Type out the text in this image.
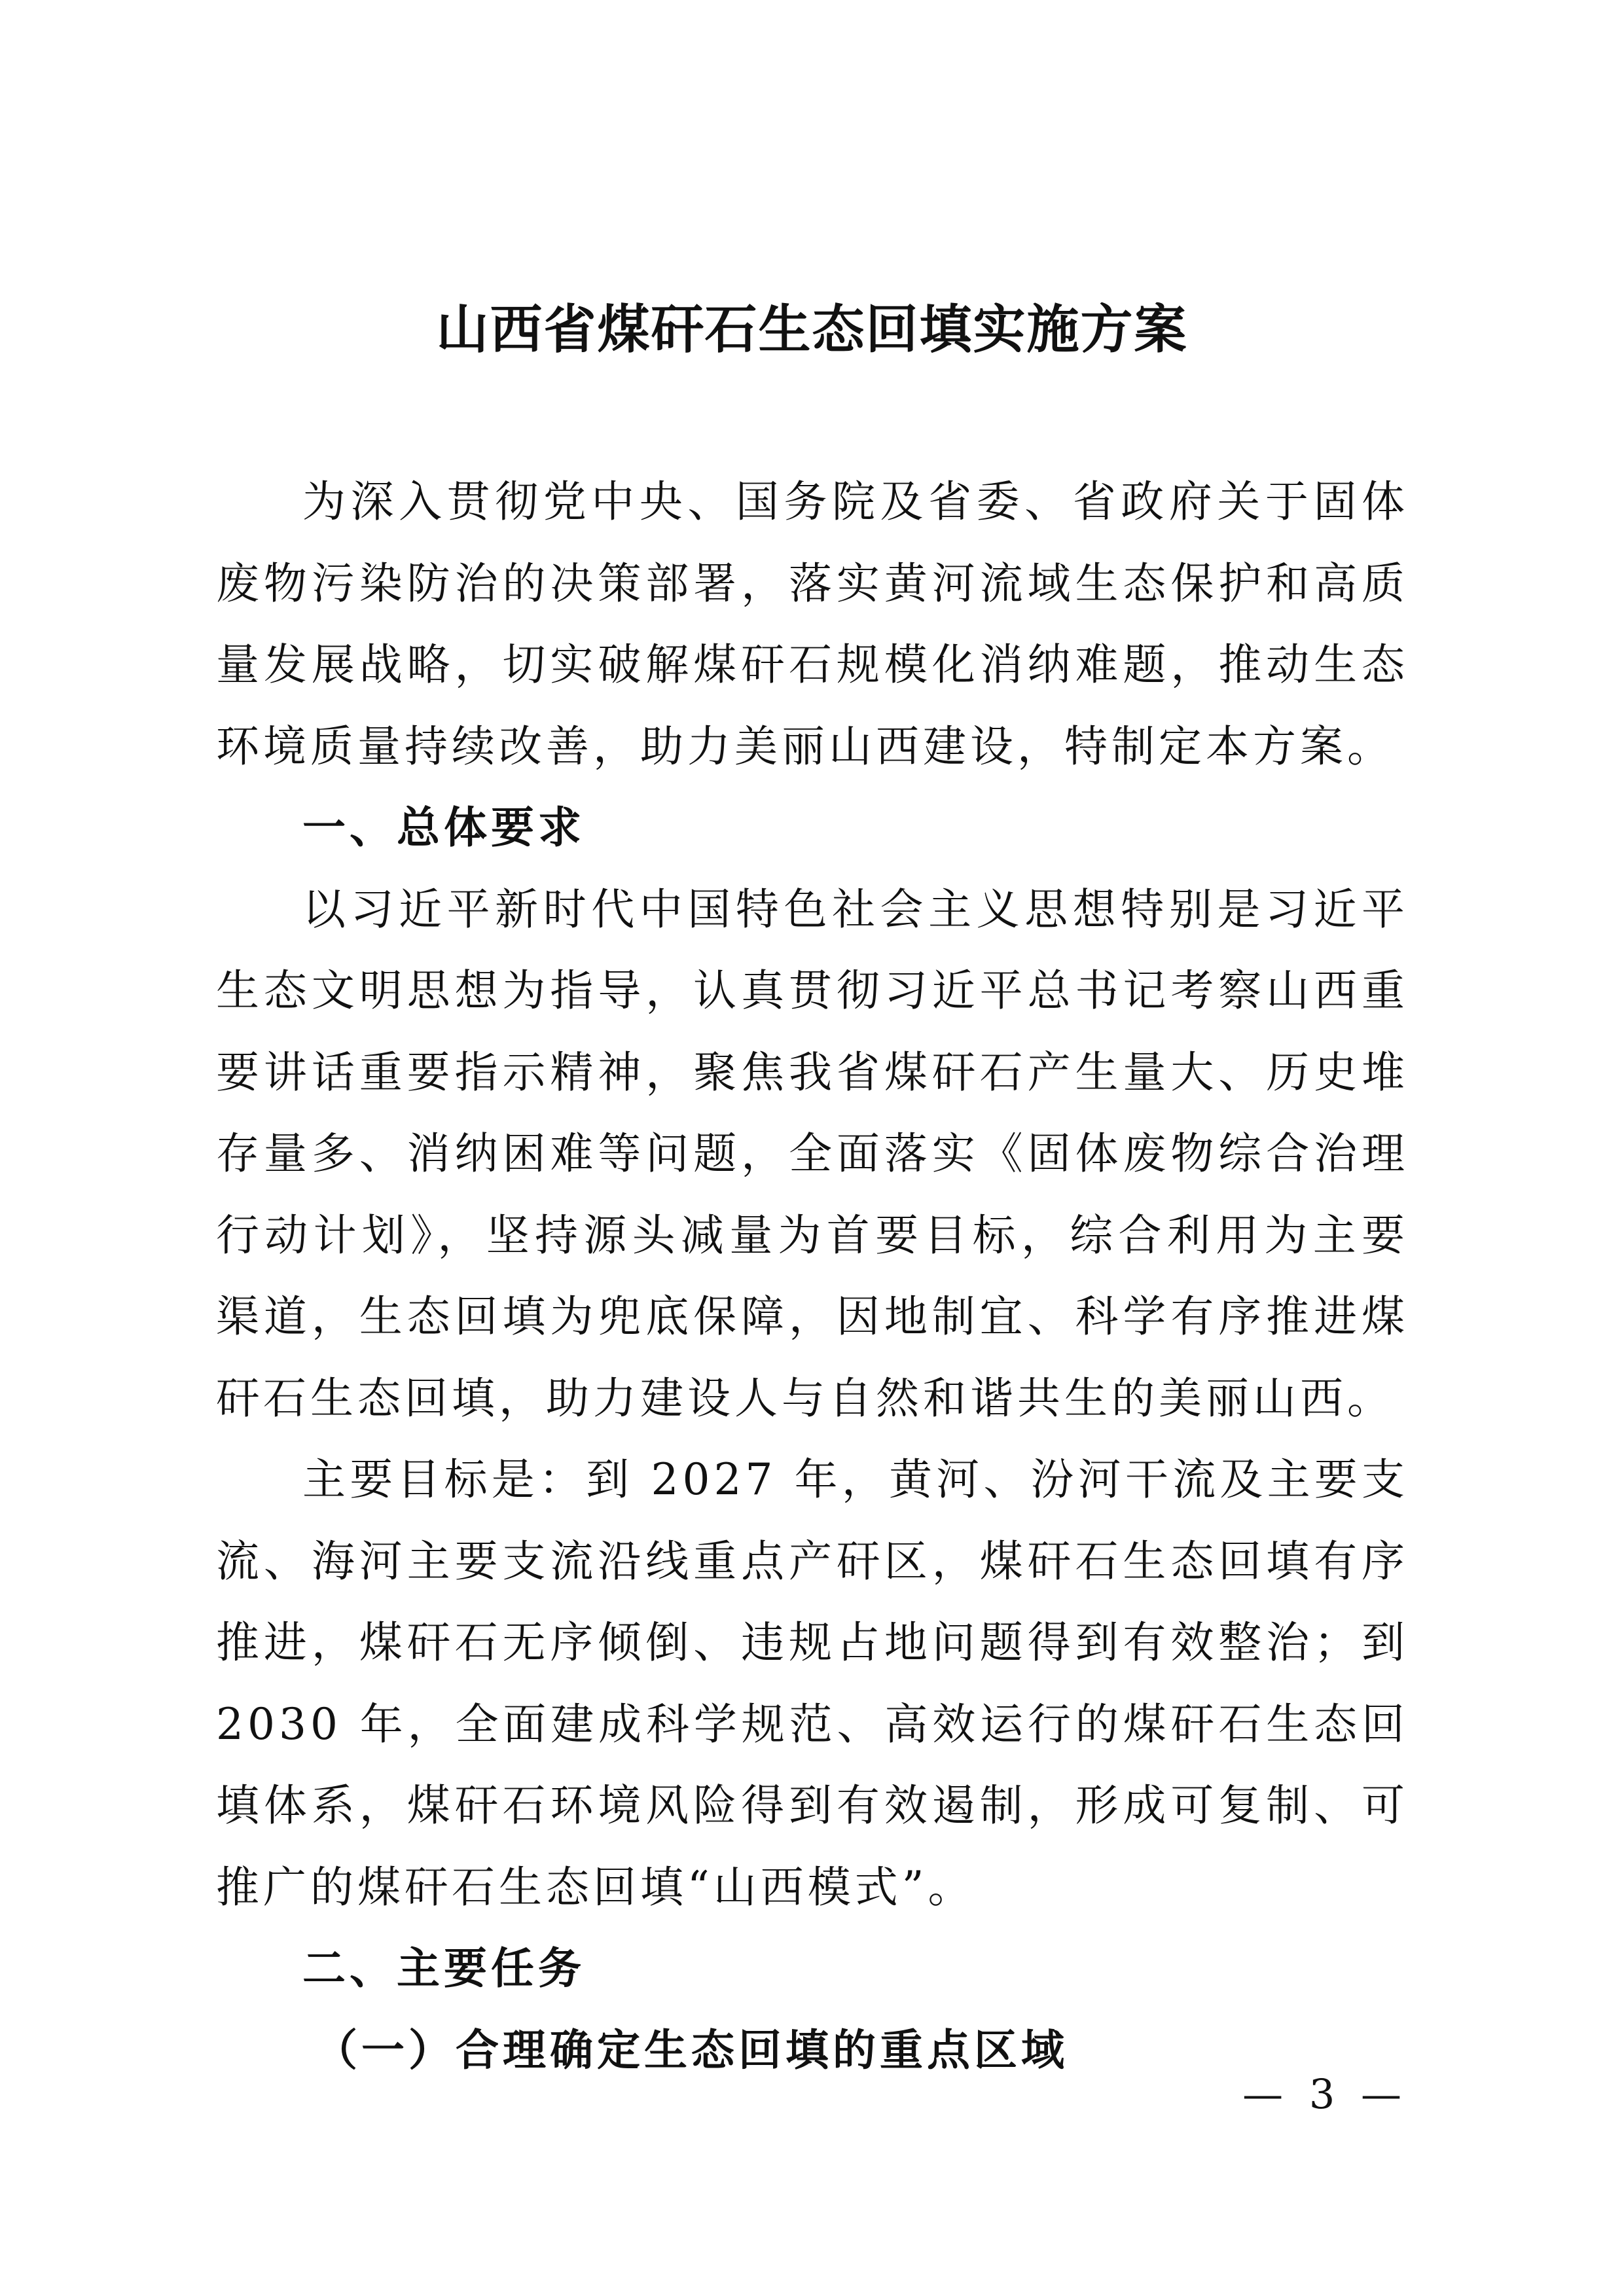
山西省煤矸石生态回填实施方案

为深入贯彻党中央、国务院及省委、省政府关于固体废物污染防治的决策部署，落实黄河流域生态保护和高质量发展战略，切实破解煤矸石规模化消纳难题，推动生态环境质量持续改善，助力美丽山西建设，特制定本方案。

一、总体要求

以习近平新时代中国特色社会主义思想特别是习近平生态文明思想为指导，认真贯彻习近平总书记考察山西重要讲话重要指示精神，聚焦我省煤矸石产生量大、历史堆存量多、消纳困难等问题，全面落实《固体废物综合治理行动计划》，坚持源头减量为首要目标，综合利用为主要渠道，生态回填为兜底保障，因地制宜、科学有序推进煤矸石生态回填，助力建设人与自然和谐共生的美丽山西。

主要目标是：到 2027 年，黄河、汾河干流及主要支流、海河主要支流沿线重点产矸区，煤矸石生态回填有序推进，煤矸石无序倾倒、违规占地问题得到有效整治；到 2030 年，全面建成科学规范、高效运行的煤矸石生态回填体系，煤矸石环境风险得到有效遏制，形成可复制、可推广的煤矸石生态回填“山西模式”。

二、主要任务
（一）合理确定生态回填的重点区域
— 3 —
